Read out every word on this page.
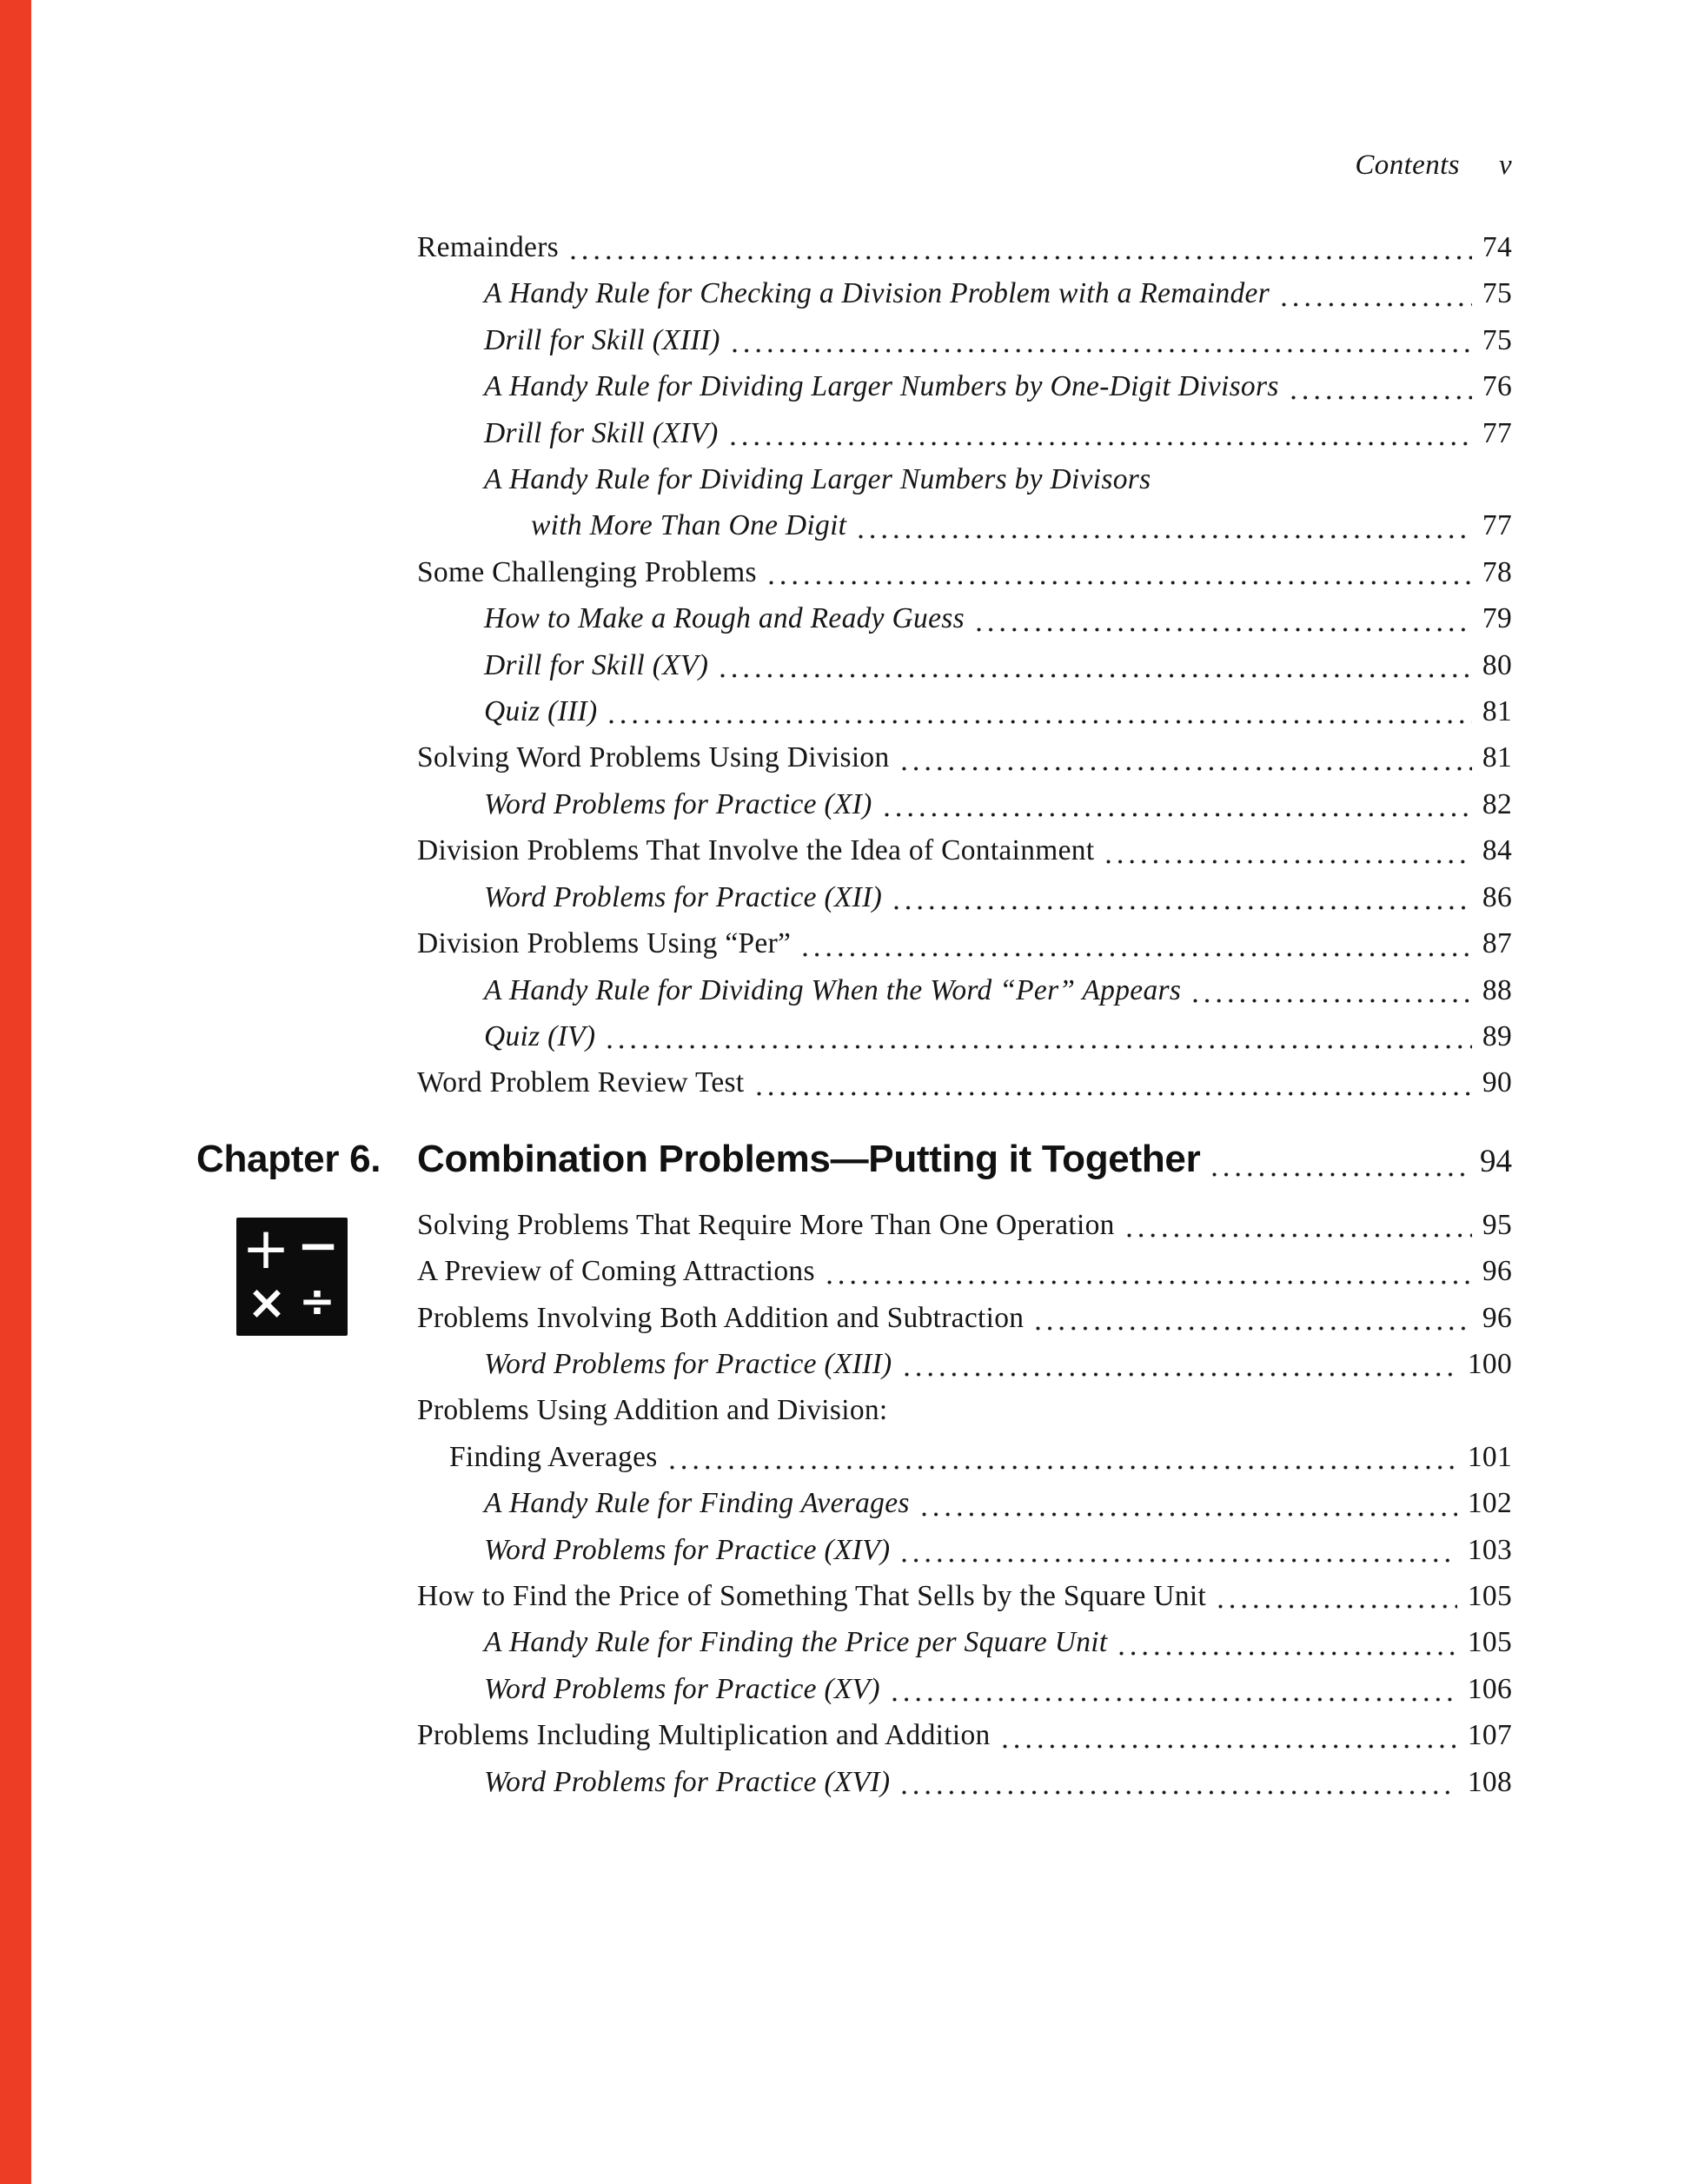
Contents v
Remainders	74
A Handy Rule for Checking a Division Problem with a Remainder	75
Drill for Skill (XIII)	75
A Handy Rule for Dividing Larger Numbers by One-Digit Divisors	76
Drill for Skill (XIV)	77
A Handy Rule for Dividing Larger Numbers by Divisors
with More Than One Digit	77
Some Challenging Problems	78
How to Make a Rough and Ready Guess	79
Drill for Skill (XV)	80
Quiz (III)	81
Solving Word Problems Using Division	81
Word Problems for Practice (XI)	82
Division Problems That Involve the Idea of Containment	84
Word Problems for Practice (XII)	86
Division Problems Using “Per”	87
A Handy Rule for Dividing When the Word “Per” Appears	88
Quiz (IV)	89
Word Problem Review Test	90
Chapter 6. Combination Problems—Putting it Together	94
+ −
× ÷
Solving Problems That Require More Than One Operation	95
A Preview of Coming Attractions	96
Problems Involving Both Addition and Subtraction	96
Word Problems for Practice (XIII)	100
Problems Using Addition and Division:
Finding Averages	101
A Handy Rule for Finding Averages	102
Word Problems for Practice (XIV)	103
How to Find the Price of Something That Sells by the Square Unit	105
A Handy Rule for Finding the Price per Square Unit	105
Word Problems for Practice (XV)	106
Problems Including Multiplication and Addition	107
Word Problems for Practice (XVI)	108
